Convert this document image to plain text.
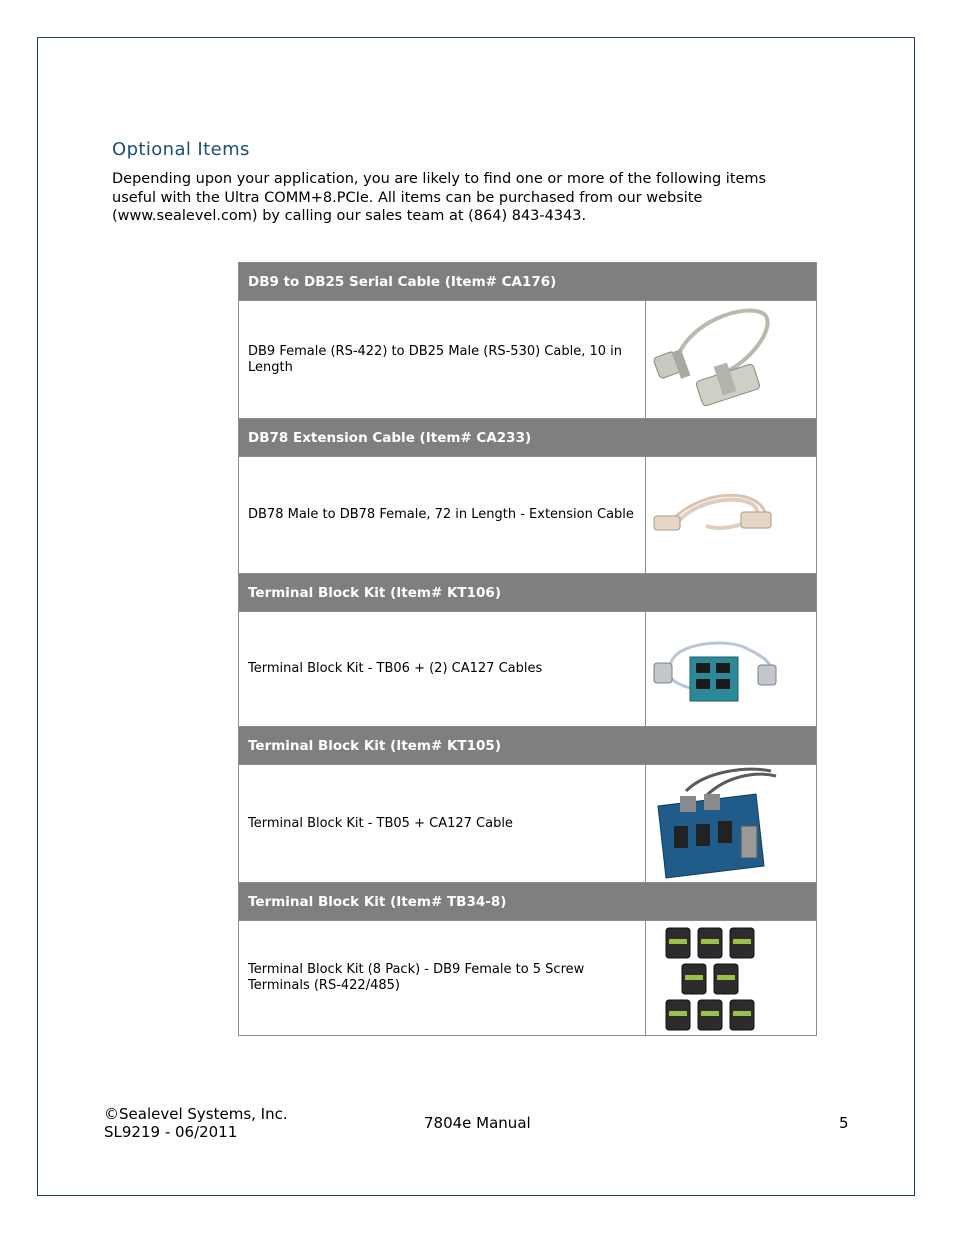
Optional Items
Depending upon your application, you are likely to find one or more of the following items useful with the Ultra COMM+8.PCIe. All items can be purchased from our website (www.sealevel.com) by calling our sales team at (864) 843-4343.
DB9 to DB25 Serial Cable (Item# CA176)	
DB9 Female (RS-422) to DB25 Male (RS-530) Cable, 10 in Length	

DB78 Extension Cable (Item# CA233)	
DB78 Male to DB78 Female, 72 in Length - Extension Cable	

Terminal Block Kit (Item# KT106)	
Terminal Block Kit - TB06 + (2) CA127 Cables	

Terminal Block Kit (Item# KT105)	
Terminal Block Kit - TB05 + CA127 Cable	

Terminal Block Kit (Item# TB34-8)	
Terminal Block Kit (8 Pack) - DB9 Female to 5 Screw Terminals (RS-422/485)	
©Sealevel Systems, Inc.
SL9219 - 06/2011	7804e Manual	5
